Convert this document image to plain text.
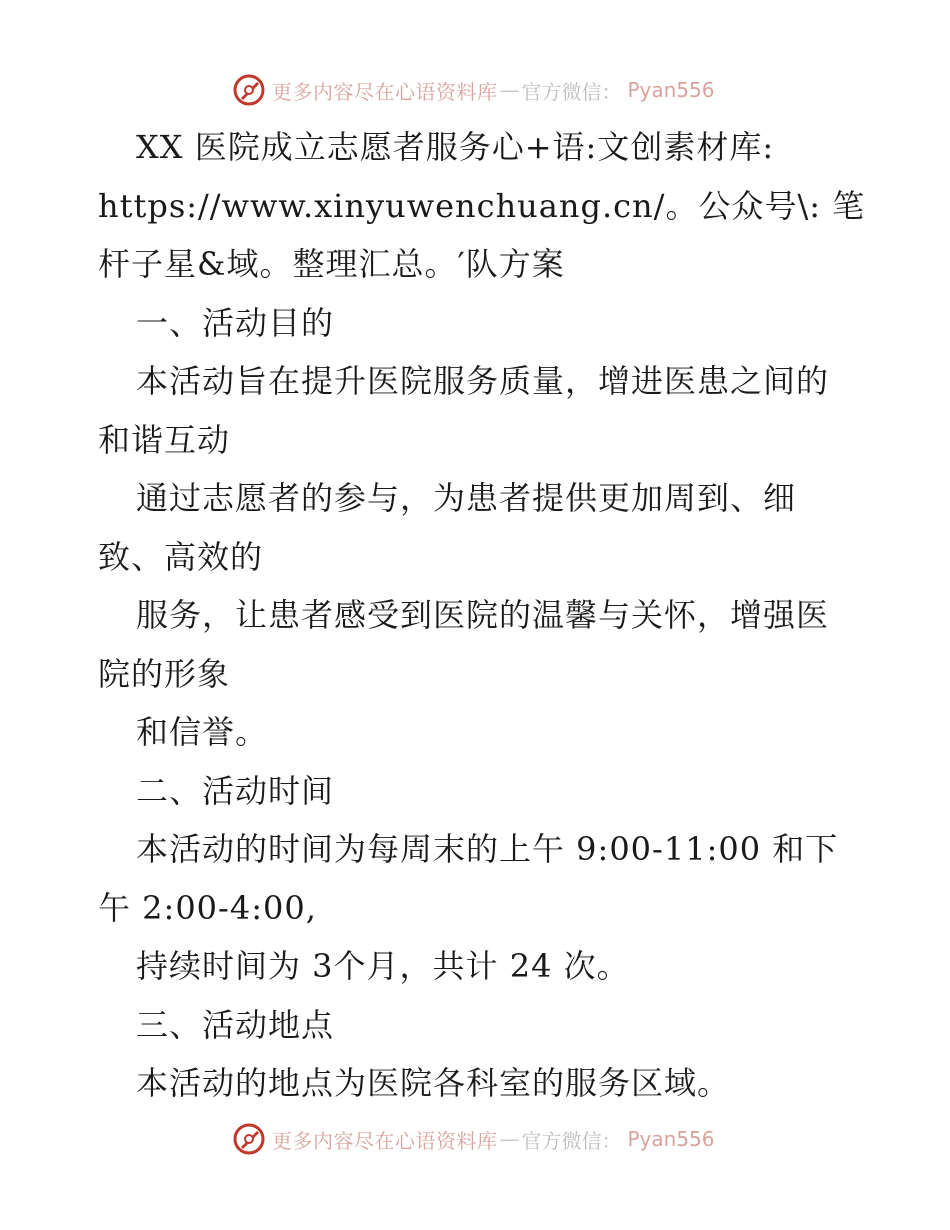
更多内容尽在心语资料库 — 官方微信 ： Pyan556
XX 医院成立志愿者服务心+语:文创素材库:
https://www.xinyuwenchuang.cn/。公众号\: 笔
杆子星&域。整理汇总。′队方案
一、活动目的
本活动旨在提升医院服务质量，增进医患之间的
和谐互动
通过志愿者的参与，为患者提供更加周到、细
致、高效的
服务，让患者感受到医院的温馨与关怀，增强医
院的形象
和信誉。
二、活动时间
本活动的时间为每周末的上午 9:00-11:00 和下
午 2:00-4:00,
持续时间为 3个月，共计 24 次。
三、活动地点
本活动的地点为医院各科室的服务区域。
更多内容尽在心语资料库 — 官方微信 ： Pyan556
